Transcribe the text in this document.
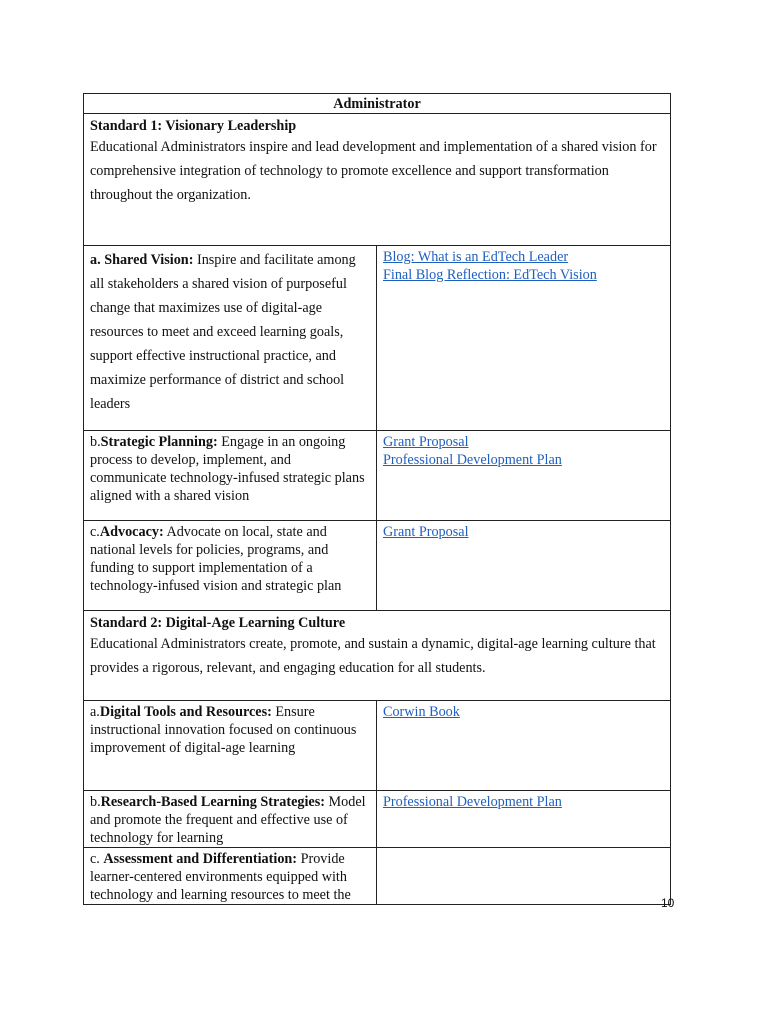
Administrator	

Standard 1: Visionary Leadership
Educational Administrators inspire and lead development and implementation of a shared vision for comprehensive integration of technology to promote excellence and support transformation throughout the organization.	

a. Shared Vision: Inspire and facilitate among all stakeholders a shared vision of purposeful change that maximizes use of digital-age resources to meet and exceed learning goals, support effective instructional practice, and maximize performance of district and school leaders	Blog: What is an EdTech Leader
Final Blog Reflection: EdTech Vision

b.Strategic Planning: Engage in an ongoing process to develop, implement, and communicate technology-infused strategic plans aligned with a shared vision	Grant Proposal
Professional Development Plan

c.Advocacy: Advocate on local, state and national levels for policies, programs, and funding to support implementation of a technology-infused vision and strategic plan	Grant Proposal

Standard 2: Digital-Age Learning Culture
Educational Administrators create, promote, and sustain a dynamic, digital-age learning culture that provides a rigorous, relevant, and engaging education for all students.	

a.Digital Tools and Resources: Ensure instructional innovation focused on continuous improvement of digital-age learning	Corwin Book

b.Research-Based Learning Strategies: Model and promote the frequent and effective use of technology for learning	Professional Development Plan

c. Assessment and Differentiation: Provide learner-centered environments equipped with technology and learning resources to meet the		10
